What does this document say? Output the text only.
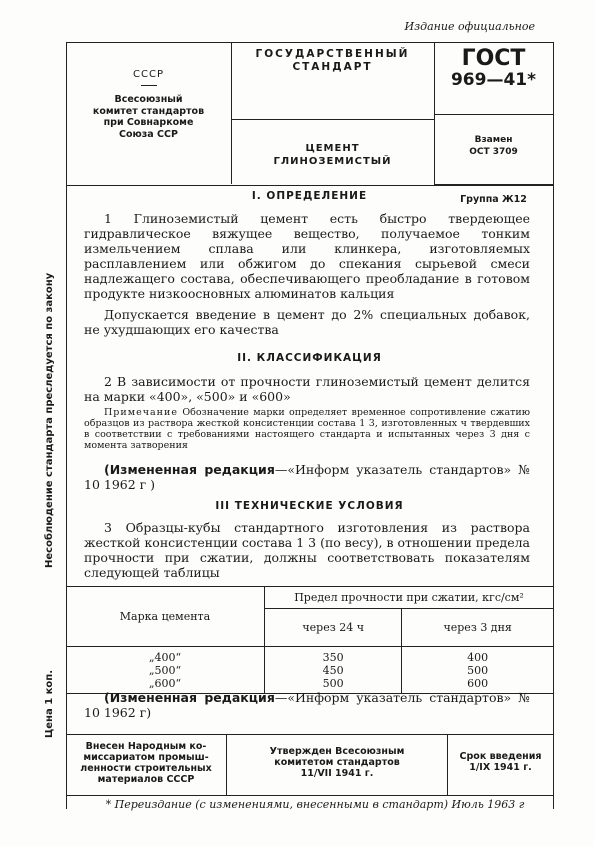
Издание официальное
Несоблюдение стандарта преследуется по закону
Цена 1 коп.
СССР
Всесоюзный
комитет стандартов
при Совнаркоме
Союза ССР
ГОСУДАРСТВЕННЫЙ
СТАНДАРТ
ЦЕМЕНТ
ГЛИНОЗЕМИСТЫЙ
ГОСТ
969—41*
Взамен
ОСТ 3709
Группа Ж12
I. ОПРЕДЕЛЕНИЕ
1 Глиноземистый цемент есть быстро твердеющее гидравлическое вяжущее вещество, получаемое тонким измельчением сплава или клинкера, изготовляемых расплавлением или обжигом до спекания сырьевой смеси надлежащего состава, обеспечивающего преобладание в готовом продукте низкоосновных алюминатов кальция
Допускается введение в цемент до 2% специальных добавок, не ухудшающих его качества
II. КЛАССИФИКАЦИЯ
2 В зависимости от прочности глиноземистый цемент делится на марки «400», «500» и «600»
Примечание Обозначение марки определяет временное сопротивление сжатию образцов из раствора жесткой консистенции состава 1 3, изготовленных ч твердевших в соответствии с требованиями настоящего стандарта и испытанных через 3 дня с момента затворения
(Измененная редакция—«Информ указатель стандартов» № 10 1962 г )
III ТЕХНИЧЕСКИЕ УСЛОВИЯ
3 Образцы-кубы стандартного изготовления из раствора жесткой консистенции состава 1 3 (по весу), в отношении предела прочности при сжатии, должны соответствовать показателям следующей таблицы
Марка цемента	Предел прочности при сжатии, кгс/см²	
	через 24 ч	через 3 дня
„400“	350	400
„500“	450	500
„600“	500	600
(Измененная редакция—«Информ указатель стандартов» № 10 1962 г)
Внесен Народным ко-
миссариатом промыш-
ленности строительных
материалов СССР
Утвержден Всесоюзным
комитетом стандартов
11/VII 1941 г.
Срок введения
1/IX 1941 г.
* Переиздание (с изменениями, внесенными в стандарт) Июль 1963 г
